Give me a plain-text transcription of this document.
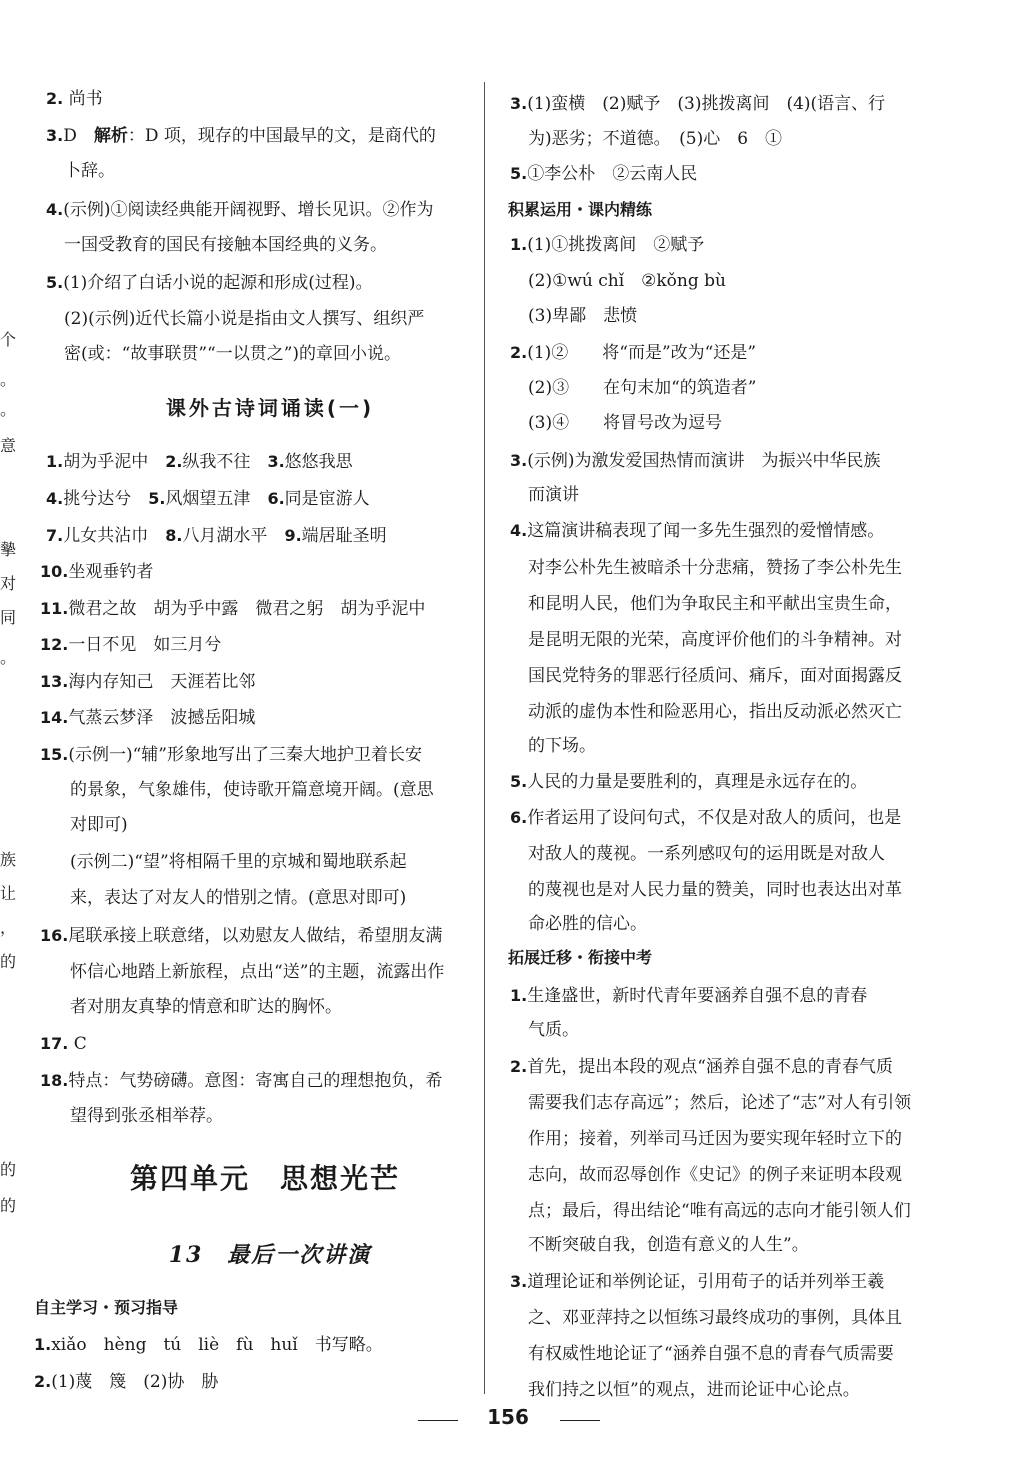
个
。
。
意
摰
对
同
。
族
让
，
的
的
的
2. 尚书
3.D　解析：D 项，现存的中国最早的文，是商代的
卜辞。
4.(示例)①阅读经典能开阔视野、增长见识。②作为
一国受教育的国民有接触本国经典的义务。
5.(1)介绍了白话小说的起源和形成(过程)。
(2)(示例)近代长篇小说是指由文人撰写、组织严
密(或：“故事联贯”“一以贯之”)的章回小说。
课外古诗词诵读(一)
1.胡为乎泥中　 2.纵我不往　 3.悠悠我思
4.挑兮达兮　 5.风烟望五津　 6.同是宦游人
7.儿女共沾巾　 8.八月湖水平　 9.端居耻圣明
10.坐观垂钓者
11.微君之故　胡为乎中露　微君之躬　胡为乎泥中
12.一日不见　如三月兮
13.海内存知己　天涯若比邻
14.气蒸云梦泽　波撼岳阳城
15.(示例一)“辅”形象地写出了三秦大地护卫着长安
的景象，气象雄伟，使诗歌开篇意境开阔。(意思
对即可)
(示例二)“望”将相隔千里的京城和蜀地联系起
来，表达了对友人的惜别之情。(意思对即可)
16.尾联承接上联意绪，以劝慰友人做结，希望朋友满
怀信心地踏上新旅程，点出“送”的主题，流露出作
者对朋友真挚的情意和旷达的胸怀。
17. C
18.特点：气势磅礴。意图：寄寓自己的理想抱负，希
望得到张丞相举荐。
第四单元　思想光芒
13　最后一次讲演
自主学习・预习指导
1.xiǎo　hèng　tú　liè　fù　huǐ　书写略。
2.(1)蔑　篾　(2)协　胁
3.(1)蛮横　(2)赋予　(3)挑拨离间　(4)(语言、行
为)恶劣；不道德。　(5)心　6　①
5.①李公朴　②云南人民
积累运用・课内精练
1.(1)①挑拨离间　②赋予
(2)①wú chǐ　②kǒng bù
(3)卑鄙　悲愤
2.(1)②　　将“而是”改为“还是”
(2)③　　在句末加“的筑造者”
(3)④　　将冒号改为逗号
3.(示例)为激发爱国热情而演讲　为振兴中华民族
而演讲
4.这篇演讲稿表现了闻一多先生强烈的爱憎情感。
对李公朴先生被暗杀十分悲痛，赞扬了李公朴先生
和昆明人民，他们为争取民主和平献出宝贵生命，
是昆明无限的光荣，高度评价他们的斗争精神。对
国民党特务的罪恶行径质问、痛斥，面对面揭露反
动派的虚伪本性和险恶用心，指出反动派必然灭亡
的下场。
5.人民的力量是要胜利的，真理是永远存在的。
6.作者运用了设问句式，不仅是对敌人的质问，也是
对敌人的蔑视。一系列感叹句的运用既是对敌人
的蔑视也是对人民力量的赞美，同时也表达出对革
命必胜的信心。
拓展迁移・衔接中考
1.生逢盛世，新时代青年要涵养自强不息的青春
气质。
2.首先，提出本段的观点“涵养自强不息的青春气质
需要我们志存高远”；然后，论述了“志”对人有引领
作用；接着，列举司马迁因为要实现年轻时立下的
志向，故而忍辱创作《史记》的例子来证明本段观
点；最后，得出结论“唯有高远的志向才能引领人们
不断突破自我，创造有意义的人生”。
3.道理论证和举例论证，引用荀子的话并列举王羲
之、邓亚萍持之以恒练习最终成功的事例，具体且
有权威性地论证了“涵养自强不息的青春气质需要
我们持之以恒”的观点，进而论证中心论点。
156
